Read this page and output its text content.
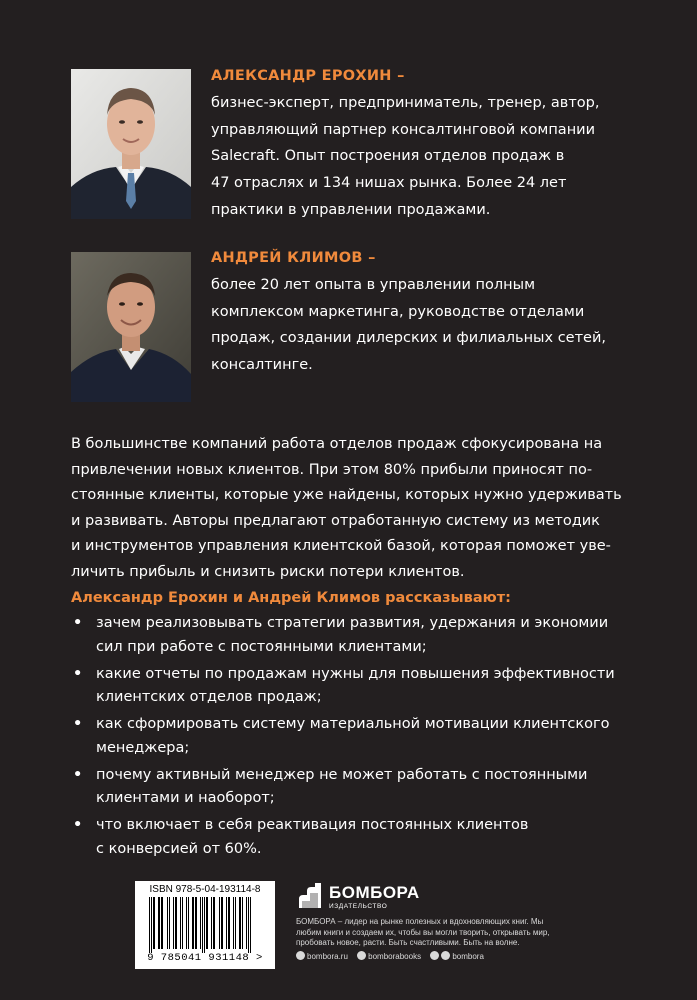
АЛЕКСАНДР ЕРОХИН –
бизнес-эксперт, предприниматель, тренер, автор,
управляющий партнер консалтинговой компании
Salecraft. Опыт построения отделов продаж в
47 отраслях и 134 нишах рынка. Более 24 лет
практики в управлении продажами.
АНДРЕЙ КЛИМОВ –
более 20 лет опыта в управлении полным
комплексом маркетинга, руководстве отделами
продаж, создании дилерских и филиальных сетей,
консалтинге.
В большинстве компаний работа отделов продаж сфокусирована на
привлечении новых клиентов. При этом 80% прибыли приносят по-
стоянные клиенты, которые уже найдены, которых нужно удерживать
и развивать. Авторы предлагают отработанную систему из методик
и инструментов управления клиентской базой, которая поможет уве-
личить прибыль и снизить риски потери клиентов.
Александр Ерохин и Андрей Климов рассказывают:
• зачем реализовывать стратегии развития, удержания и экономии
сил при работе с постоянными клиентами;
• какие отчеты по продажам нужны для повышения эффективности
клиентских отделов продаж;
• как сформировать систему материальной мотивации клиентского
менеджера;
• почему активный менеджер не может работать с постоянными
клиентами и наоборот;
• что включает в себя реактивация постоянных клиентов
с конверсией от 60%.
ISBN 978-5-04-193114-8
9 785041 931148 >
БОМБОРА
ИЗДАТЕЛЬСТВО
БОМБОРА – лидер на рынке полезных и вдохновляющих книг. Мы любим книги и создаем их, чтобы вы могли творить, открывать мир, пробовать новое, расти. Быть счастливыми. Быть на волне.
bombora.ru	bomborabooks	bombora
